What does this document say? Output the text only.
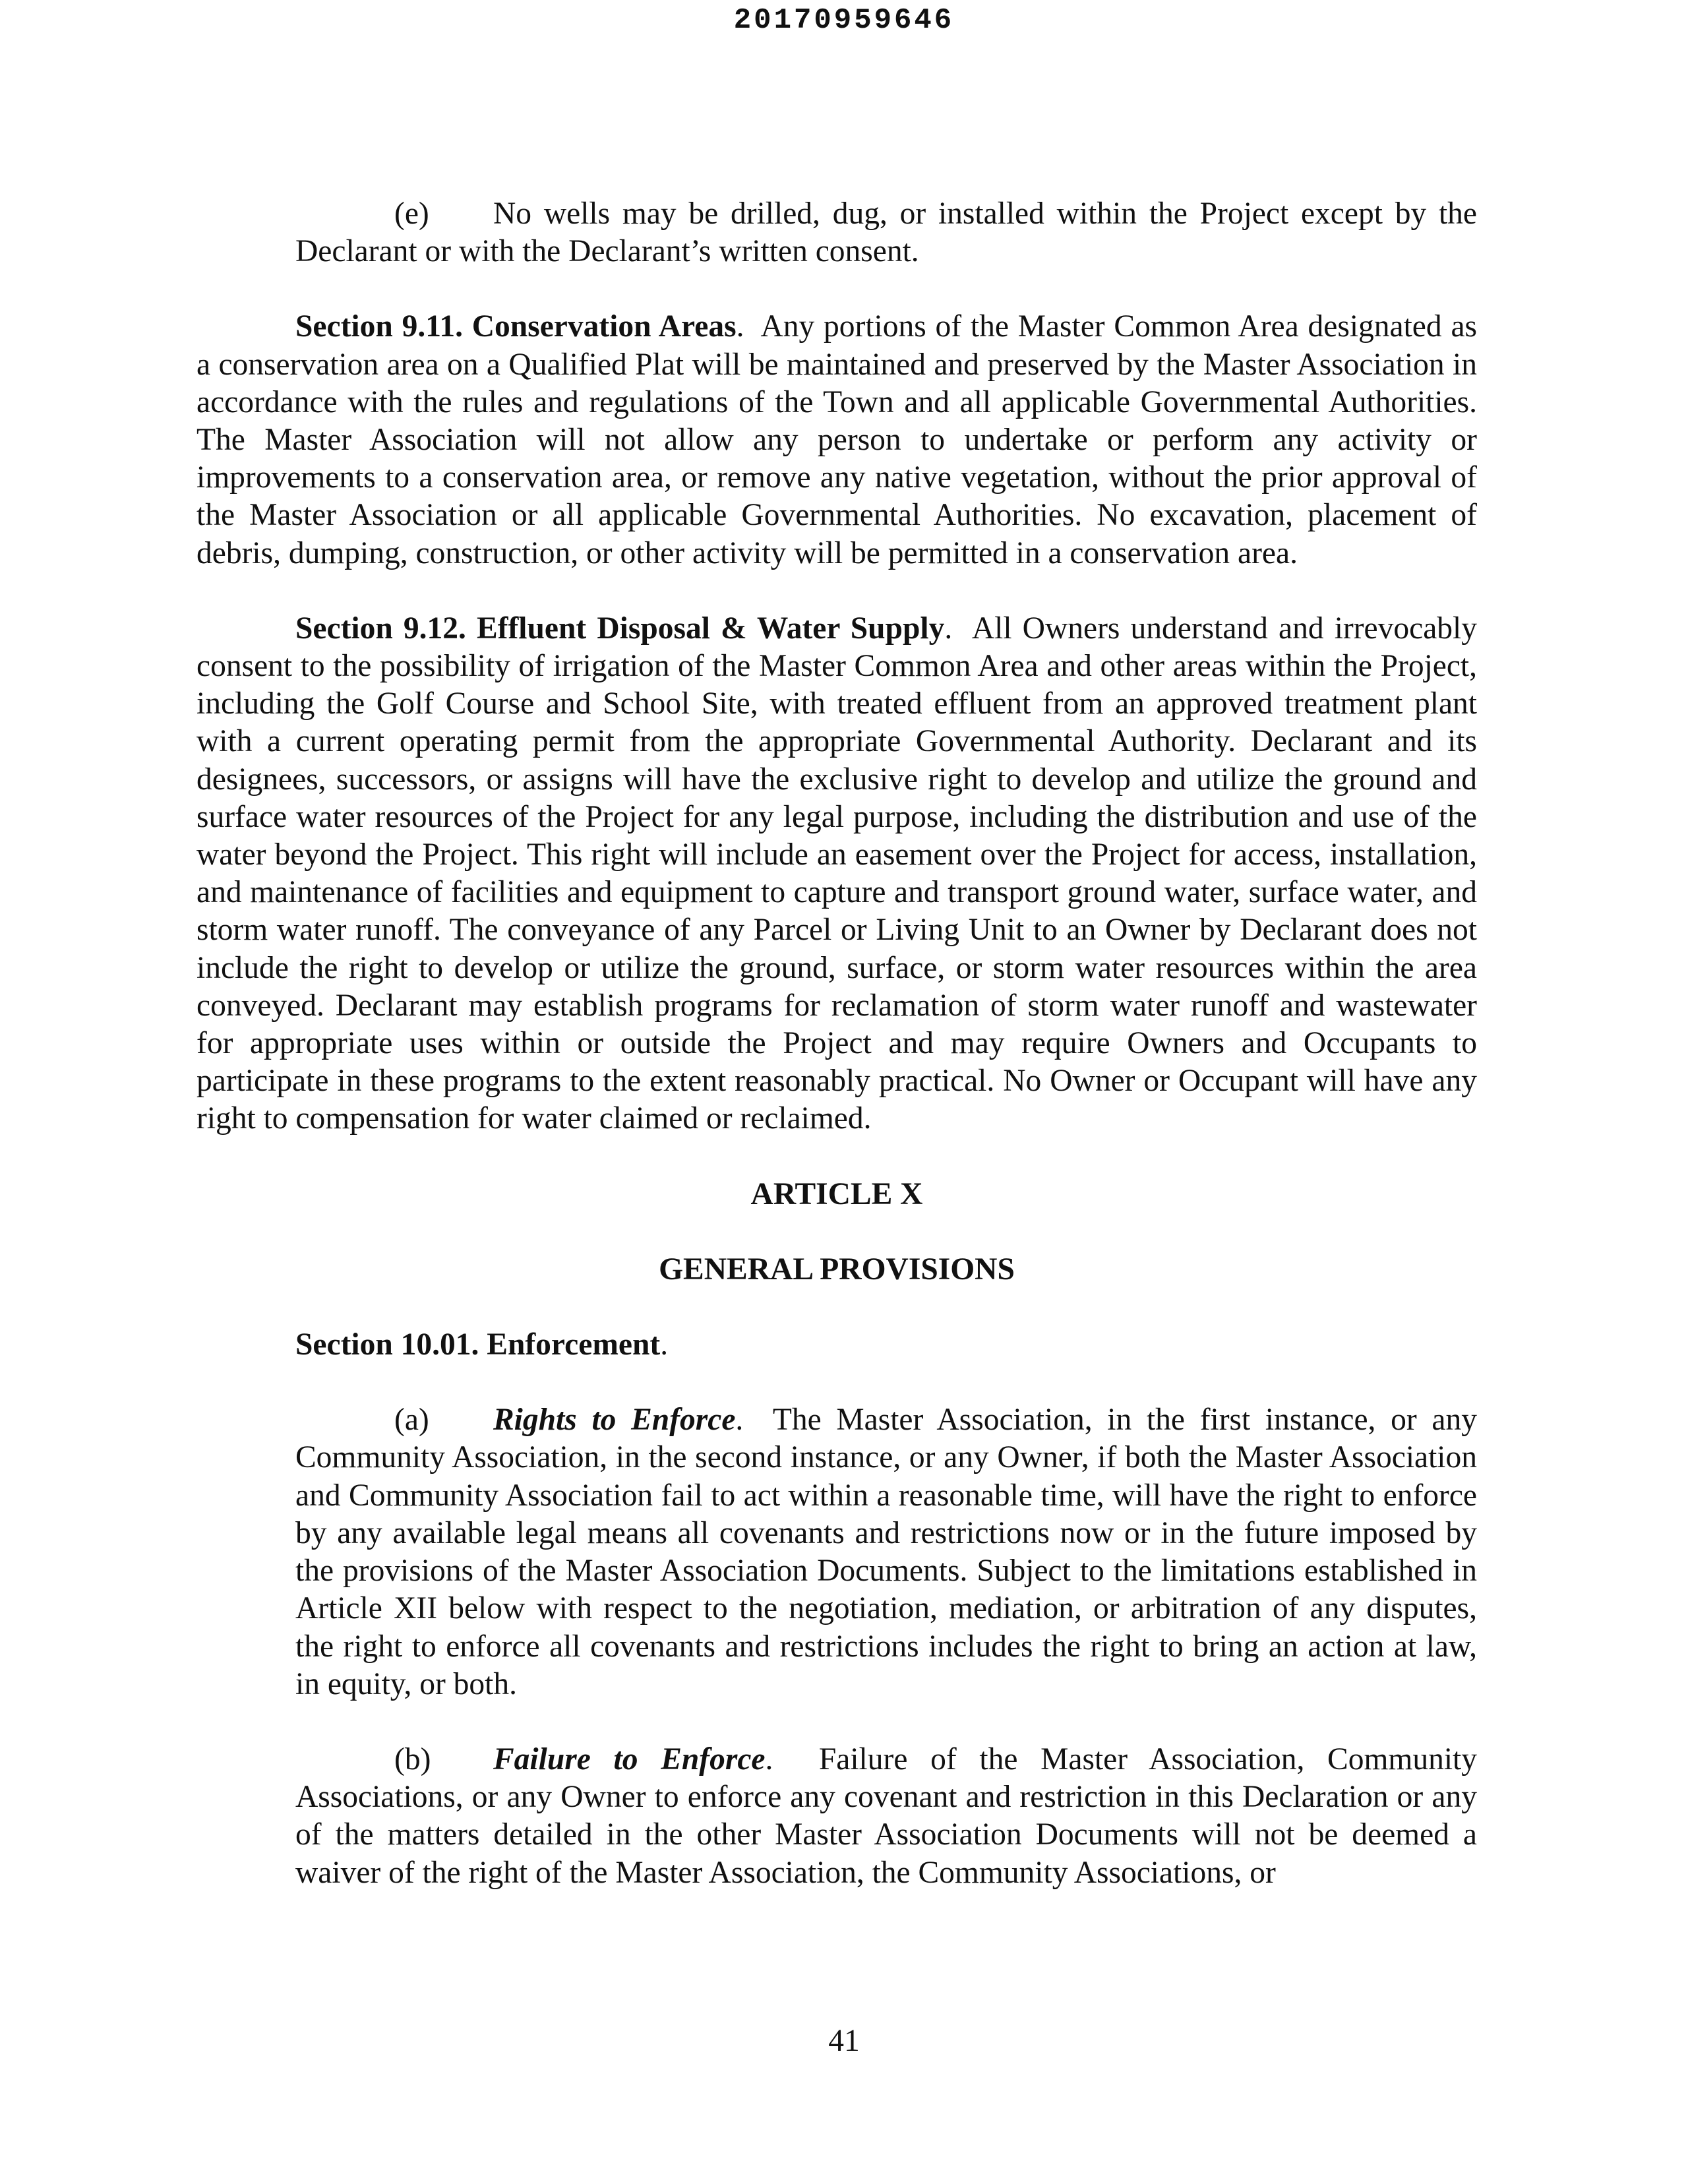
20170959646

(e) No wells may be drilled, dug, or installed within the Project except by the Declarant or with the Declarant’s written consent.

Section 9.11. Conservation Areas. Any portions of the Master Common Area designated as a conservation area on a Qualified Plat will be maintained and preserved by the Master Association in accordance with the rules and regulations of the Town and all applicable Governmental Authorities. The Master Association will not allow any person to undertake or perform any activity or improvements to a conservation area, or remove any native vegetation, without the prior approval of the Master Association or all applicable Governmental Authorities. No excavation, placement of debris, dumping, construction, or other activity will be permitted in a conservation area.

Section 9.12. Effluent Disposal & Water Supply. All Owners understand and irrevocably consent to the possibility of irrigation of the Master Common Area and other areas within the Project, including the Golf Course and School Site, with treated effluent from an approved treatment plant with a current operating permit from the appropriate Governmental Authority. Declarant and its designees, successors, or assigns will have the exclusive right to develop and utilize the ground and surface water resources of the Project for any legal purpose, including the distribution and use of the water beyond the Project. This right will include an easement over the Project for access, installation, and maintenance of facilities and equipment to capture and transport ground water, surface water, and storm water runoff. The conveyance of any Parcel or Living Unit to an Owner by Declarant does not include the right to develop or utilize the ground, surface, or storm water resources within the area conveyed. Declarant may establish programs for reclamation of storm water runoff and wastewater for appropriate uses within or outside the Project and may require Owners and Occupants to participate in these programs to the extent reasonably practical. No Owner or Occupant will have any right to compensation for water claimed or reclaimed.

ARTICLE X

GENERAL PROVISIONS

Section 10.01. Enforcement.

(a) Rights to Enforce. The Master Association, in the first instance, or any Community Association, in the second instance, or any Owner, if both the Master Association and Community Association fail to act within a reasonable time, will have the right to enforce by any available legal means all covenants and restrictions now or in the future imposed by the provisions of the Master Association Documents. Subject to the limitations established in Article XII below with respect to the negotiation, mediation, or arbitration of any disputes, the right to enforce all covenants and restrictions includes the right to bring an action at law, in equity, or both.

(b) Failure to Enforce. Failure of the Master Association, Community Associations, or any Owner to enforce any covenant and restriction in this Declaration or any of the matters detailed in the other Master Association Documents will not be deemed a waiver of the right of the Master Association, the Community Associations, or

41
